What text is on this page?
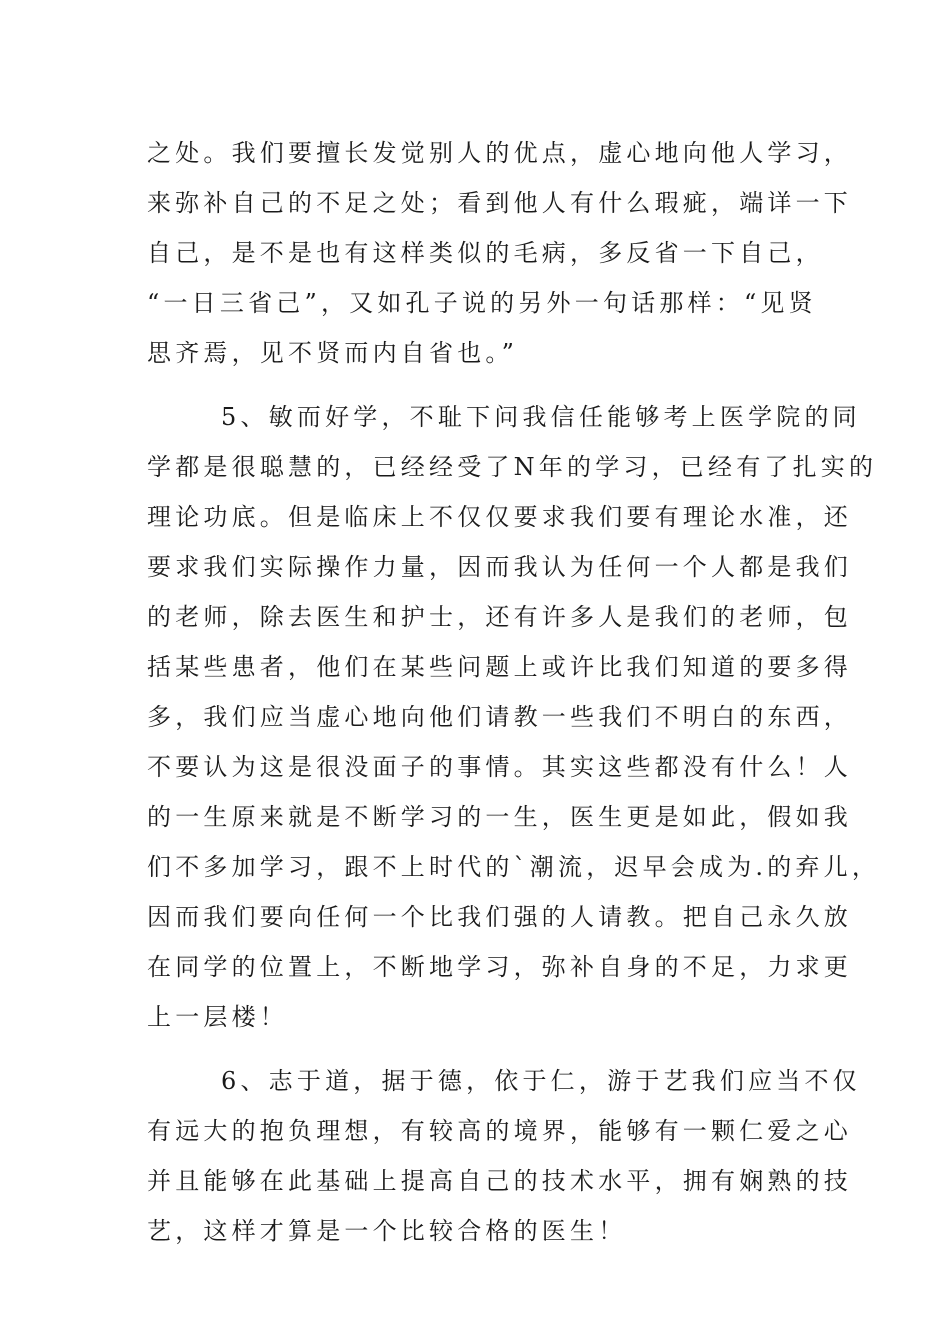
之处。我们要擅长发觉别人的优点，虚心地向他人学习，
来弥补自己的不足之处；看到他人有什么瑕疵，端详一下
自己，是不是也有这样类似的毛病，多反省一下自己，
“一日三省己”，又如孔子说的另外一句话那样：“见贤
思齐焉，见不贤而内自省也。”
5、敏而好学，不耻下问我信任能够考上医学院的同
学都是很聪慧的，已经经受了N年的学习，已经有了扎实的
理论功底。但是临床上不仅仅要求我们要有理论水准，还
要求我们实际操作力量，因而我认为任何一个人都是我们
的老师，除去医生和护士，还有许多人是我们的老师，包
括某些患者，他们在某些问题上或许比我们知道的要多得
多，我们应当虚心地向他们请教一些我们不明白的东西，
不要认为这是很没面子的事情。其实这些都没有什么！人
的一生原来就是不断学习的一生，医生更是如此，假如我
们不多加学习，跟不上时代的`潮流，迟早会成为.的弃儿，
因而我们要向任何一个比我们强的人请教。把自己永久放
在同学的位置上，不断地学习，弥补自身的不足，力求更
上一层楼！
6、志于道，据于德，依于仁，游于艺我们应当不仅
有远大的抱负理想，有较高的境界，能够有一颗仁爱之心
并且能够在此基础上提高自己的技术水平，拥有娴熟的技
艺，这样才算是一个比较合格的医生！
